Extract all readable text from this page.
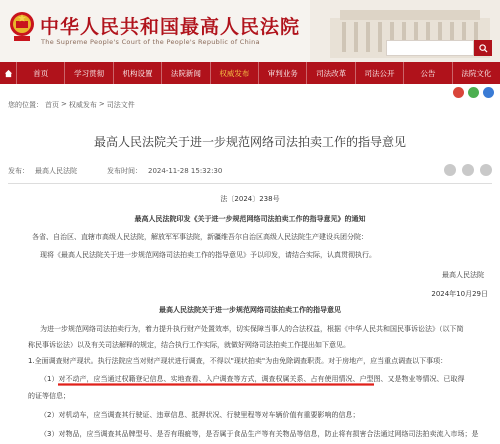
中华人民共和国最高人民法院
The Supreme People's Court of the People's Republic of China
首页	学习贯彻	机构设置	法院新闻	权威发布	审判业务	司法改革	司法公开	公告	法院文化
您的位置： 首页 > 权威发布 > 司法文件
最高人民法院关于进一步规范网络司法拍卖工作的指导意见
发布： 最高人民法院	发布时间： 2024-11-28 15:32:30
法〔2024〕238号
最高人民法院印发《关于进一步规范网络司法拍卖工作的指导意见》的通知
各省、自治区、直辖市高级人民法院，解放军军事法院，新疆维吾尔自治区高级人民法院生产建设兵团分院：
现将《最高人民法院关于进一步规范网络司法拍卖工作的指导意见》予以印发，请结合实际，认真贯彻执行。
最高人民法院
2024年10月29日
最高人民法院关于进一步规范网络司法拍卖工作的指导意见
为进一步规范网络司法拍卖行为，着力提升执行财产处置效率，切实保障当事人的合法权益，根据《中华人民共和国民事诉讼法》（以下简
称民事诉讼法）以及有关司法解释的规定，结合执行工作实际，就做好网络司法拍卖工作提出如下意见。
1.全面调查财产现状。执行法院应当对财产现状进行调查，不得以"现状拍卖"为由免除调查职责。对于房地产，应当重点调查以下事项：
（1）对不动产，应当通过权籍登记信息、实地查看、入户调查等方式，调查权属关系、占有使用情况、户型图、又是物业等情况、已取得
的证等信息；
（2）对机动车，应当调查其行驶证、违章信息、抵押状况、行驶里程等对车辆价值有重要影响的信息；
（3）对物品，应当调查其品牌型号、是否有瑕疵等，是否属于食品生产等有关物品等信息，防止将有损害合法通过网络司法拍卖流入市场；是
